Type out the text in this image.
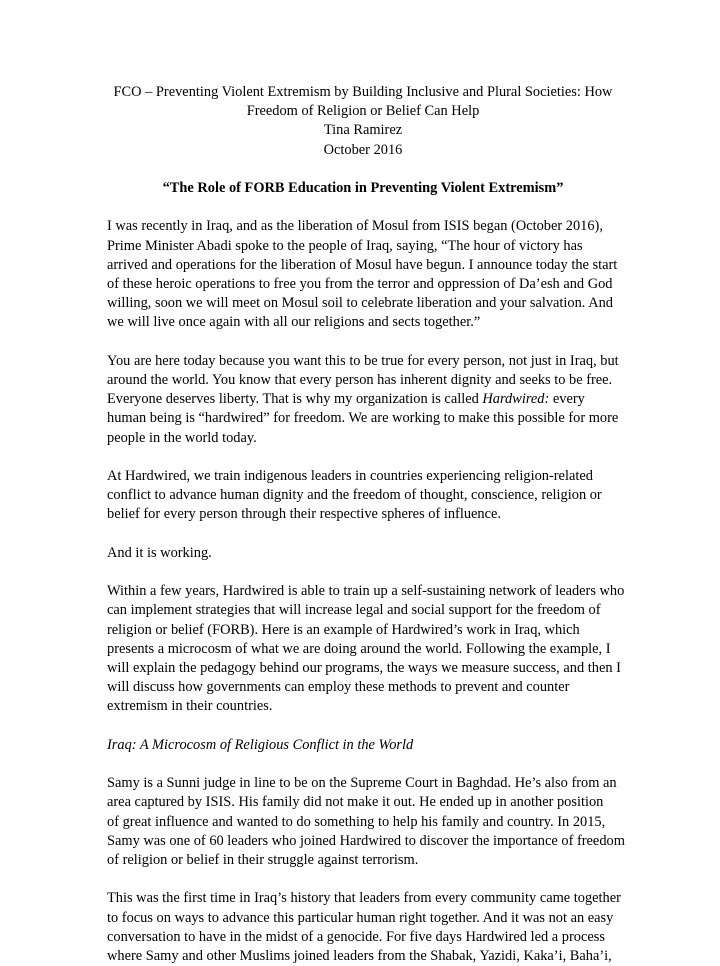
FCO – Preventing Violent Extremism by Building Inclusive and Plural Societies: How

Freedom of Religion or Belief Can Help

Tina Ramirez

October 2016

“The Role of FORB Education in Preventing Violent Extremism”

I was recently in Iraq, and as the liberation of Mosul from ISIS began (October 2016),
Prime Minister Abadi spoke to the people of Iraq, saying, “The hour of victory has
arrived and operations for the liberation of Mosul have begun. I announce today the start
of these heroic operations to free you from the terror and oppression of Da’esh and God
willing, soon we will meet on Mosul soil to celebrate liberation and your salvation. And
we will live once again with all our religions and sects together.”
You are here today because you want this to be true for every person, not just in Iraq, but
around the world. You know that every person has inherent dignity and seeks to be free.
Everyone deserves liberty. That is why my organization is called Hardwired: every
human being is “hardwired” for freedom. We are working to make this possible for more
people in the world today.
At Hardwired, we train indigenous leaders in countries experiencing religion-related
conflict to advance human dignity and the freedom of thought, conscience, religion or
belief for every person through their respective spheres of influence.

And it is working.

Within a few years, Hardwired is able to train up a self-sustaining network of leaders who
can implement strategies that will increase legal and social support for the freedom of
religion or belief (FORB). Here is an example of Hardwired’s work in Iraq, which
presents a microcosm of what we are doing around the world. Following the example, I
will explain the pedagogy behind our programs, the ways we measure success, and then I
will discuss how governments can employ these methods to prevent and counter
extremism in their countries.

Iraq: A Microcosm of Religious Conflict in the World

Samy is a Sunni judge in line to be on the Supreme Court in Baghdad. He’s also from an
area captured by ISIS. His family did not make it out. He ended up in another position
of great influence and wanted to do something to help his family and country. In 2015,
Samy was one of 60 leaders who joined Hardwired to discover the importance of freedom
of religion or belief in their struggle against terrorism.
This was the first time in Iraq’s history that leaders from every community came together
to focus on ways to advance this particular human right together. And it was not an easy
conversation to have in the midst of a genocide. For five days Hardwired led a process
where Samy and other Muslims joined leaders from the Shabak, Yazidi, Kaka’i, Baha’i,
